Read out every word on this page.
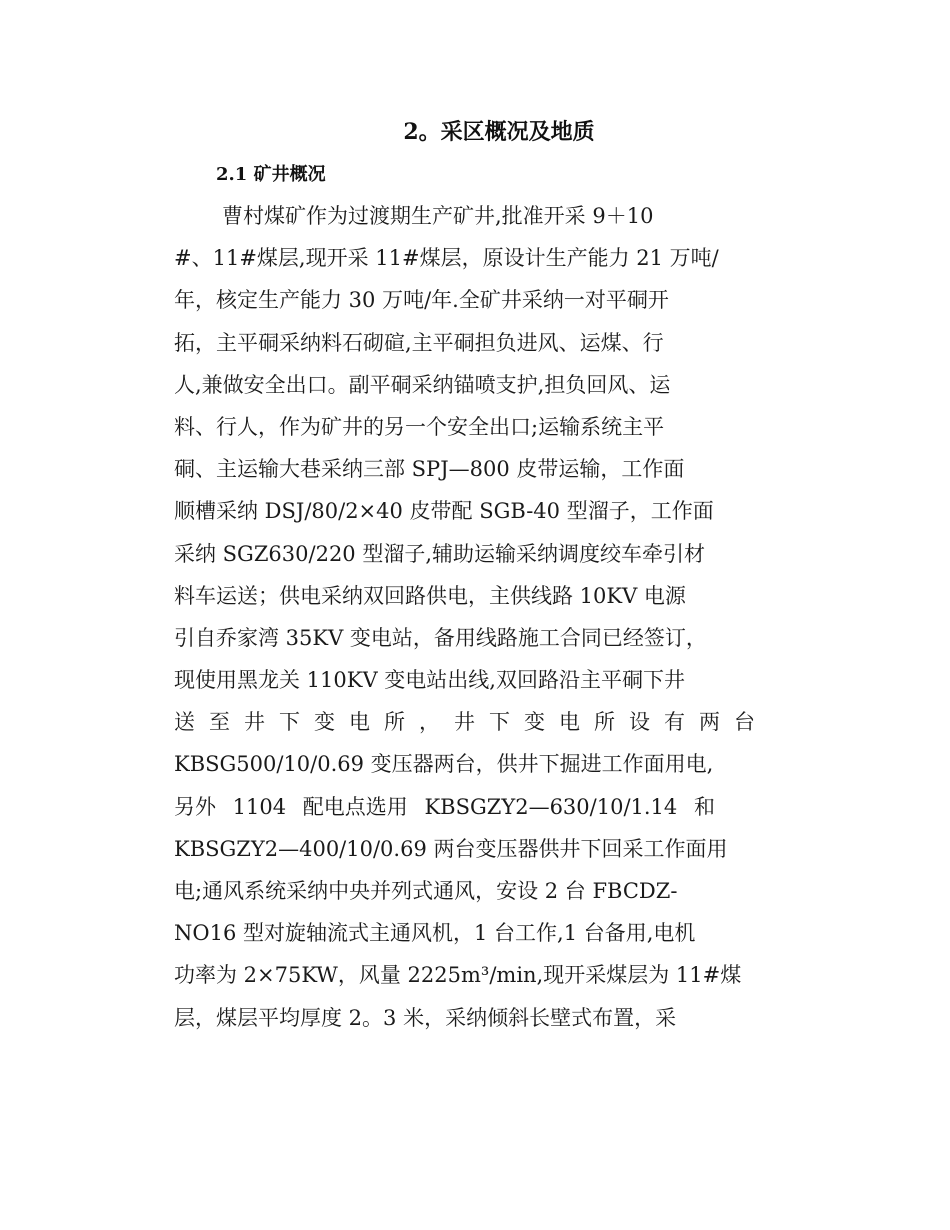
2。采区概况及地质
2.1 矿井概况
曹村煤矿作为过渡期生产矿井,批准开采 9＋10
#、11#煤层,现开采 11#煤层，原设计生产能力 21 万吨/
年，核定生产能力 30 万吨/年.全矿井采纳一对平硐开
拓，主平硐采纳料石砌碹,主平硐担负进风、运煤、行
人,兼做安全出口。副平硐采纳锚喷支护,担负回风、运
料、行人，作为矿井的另一个安全出口;运输系统主平
硐、主运输大巷采纳三部 SPJ—800 皮带运输，工作面
顺槽采纳 DSJ/80/2×40 皮带配 SGB-40 型溜子，工作面
采纳 SGZ630/220 型溜子,辅助运输采纳调度绞车牵引材
料车运送；供电采纳双回路供电，主供线路 10KV 电源
引自乔家湾 35KV 变电站，备用线路施工合同已经签订，
现使用黑龙关 110KV 变电站出线,双回路沿主平硐下井
送至井下变电所，井下变电所设有两台
KBSG500/10/0.69 变压器两台，供井下掘进工作面用电,
另外 1104 配电点选用 KBSGZY2—630/10/1.14 和
KBSGZY2—400/10/0.69 两台变压器供井下回采工作面用
电;通风系统采纳中央并列式通风，安设 2 台 FBCDZ-
NO16 型对旋轴流式主通风机，1 台工作,1 台备用,电机
功率为 2×75KW，风量 2225m³/min,现开采煤层为 11#煤
层，煤层平均厚度 2。3 米，采纳倾斜长壁式布置，采
